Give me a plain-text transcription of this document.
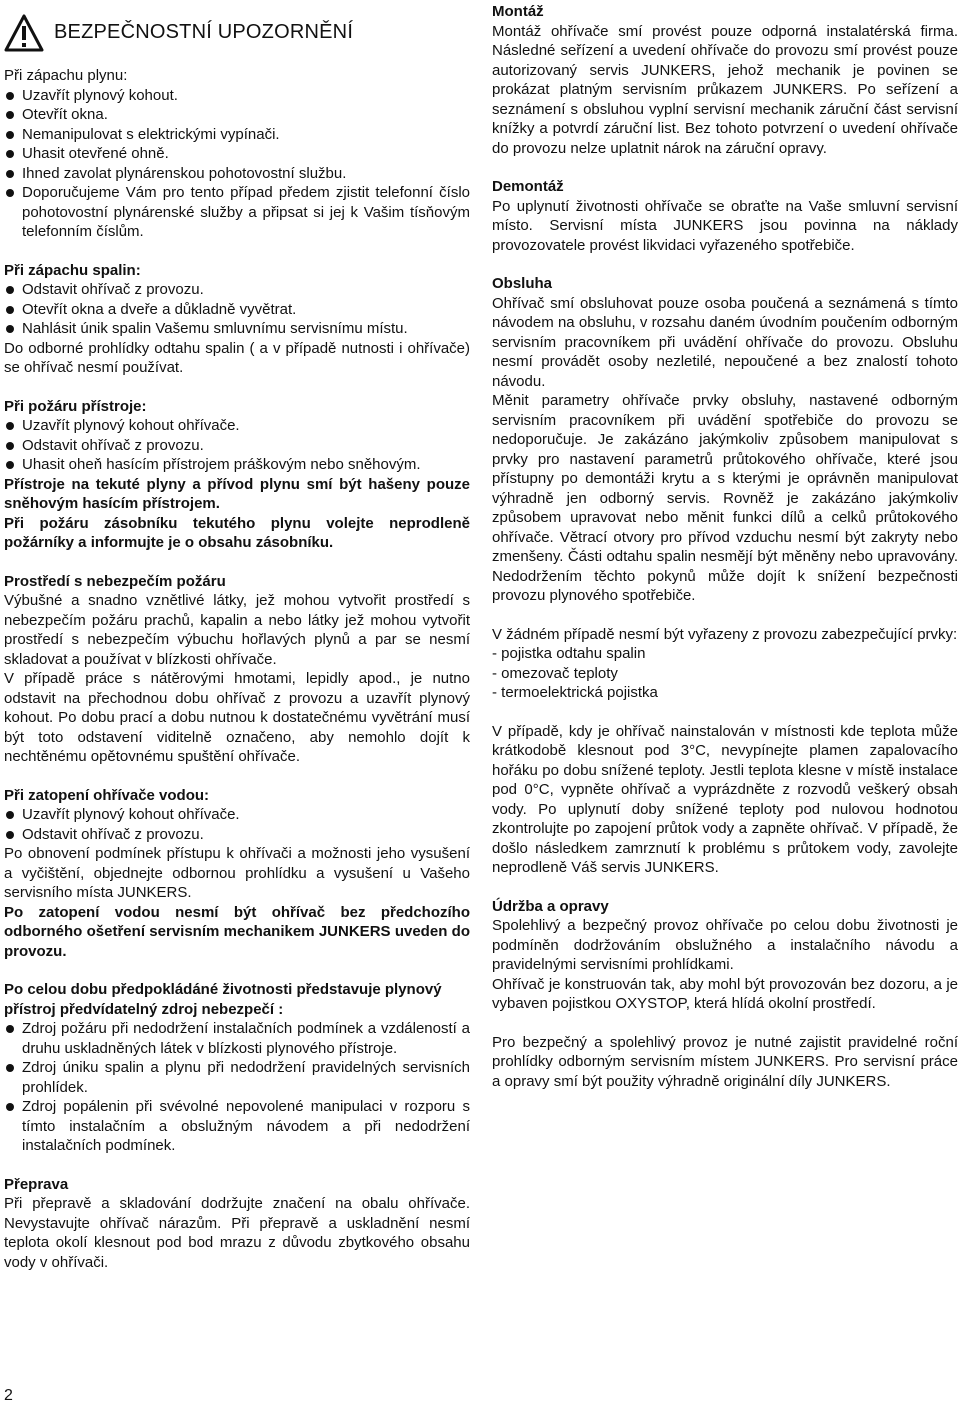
BEZPEČNOSTNÍ UPOZORNĚNÍ

Při zápachu plynu:

Uzavřít plynový kohout.
Otevřít okna.
Nemanipulovat s elektrickými vypínači.
Uhasit otevřené ohně.
Ihned zavolat plynárenskou pohotovostní službu.
Doporučujeme Vám pro tento případ předem zjistit telefonní číslo pohotovostní plynárenské služby a připsat si jej k Vašim tísňovým telefonním číslům.
Při zápachu spalin:
Odstavit ohřívač z provozu.
Otevřít okna a dveře a důkladně vyvětrat.
Nahlásit únik spalin Vašemu smluvnímu servisnímu místu.

Do odborné prohlídky odtahu spalin ( a v případě nutnosti i ohřívače) se ohřívač nesmí používat.

Při požáru přístroje:
Uzavřít plynový kohout ohřívače.
Odstavit ohřívač z provozu.
Uhasit oheň hasícím přístrojem práškovým nebo sněhovým.

Přístroje na tekuté plyny a přívod plynu smí být hašeny pouze sněhovým hasícím přístrojem.

Při požáru zásobníku tekutého plynu volejte neprodleně požárníky a informujte je o obsahu zásobníku.

Prostředí s nebezpečím požáru

Výbušné a snadno vznětlivé látky, jež mohou vytvořit prostředí s nebezpečím požáru prachů, kapalin a nebo látky jež mohou vytvořit prostředí s nebezpečím výbuchu hořlavých plynů a par se nesmí skladovat a používat v blízkosti ohřívače.

V případě práce s nátěrovými hmotami, lepidly apod., je nutno odstavit na přechodnou dobu ohřívač z provozu a uzavřít plynový kohout. Po dobu prací a dobu nutnou k dostatečnému vyvětrání musí být toto odstavení viditelně označeno, aby nemohlo dojít k nechtěnému opětovnému spuštění ohřívače.

Při zatopení ohřívače vodou:
Uzavřít plynový kohout ohřívače.
Odstavit ohřívač z provozu.

Po obnovení podmínek přístupu k ohřívači a možnosti jeho vysušení a vyčištění, objednejte odbornou prohlídku a vysušení u Vašeho servisního místa JUNKERS.

Po zatopení vodou nesmí být ohřívač bez předchozího odborného ošetření servisním mechanikem JUNKERS uveden do provozu.

Po celou dobu předpokládáné životnosti představuje plynový přístroj předvídatelný zdroj nebezpečí :
Zdroj požáru při nedodržení instalačních podmínek a vzdáleností a druhu uskladněných látek v blízkosti plynového přístroje.
Zdroj úniku spalin a plynu při nedodržení pravidelných servisních prohlídek.
Zdroj popálenin při svévolné nepovolené manipulaci v rozporu s tímto instalačním a obslužným návodem a při nedodržení instalačních podmínek.
Přeprava

Při přepravě a skladování dodržujte značení na obalu ohřívače. Nevystavujte ohřívač nárazům. Při přepravě a uskladnění nesmí teplota okolí klesnout pod bod mrazu z důvodu zbytkového obsahu vody v ohřívači.

Montáž

Montáž ohřívače smí provést pouze odporná instalatérská firma. Následné seřízení a uvedení ohřívače do provozu smí provést pouze autorizovaný servis JUNKERS, jehož mechanik je povinen se prokázat platným servisním průkazem JUNKERS. Po seřízení a seznámení s obsluhou vyplní servisní mechanik záruční část servisní knížky a potvrdí záruční list. Bez tohoto potvrzení o uvedení ohřívače do provozu nelze uplatnit nárok na záruční opravy.

Demontáž

Po uplynutí životnosti ohřívače se obraťte na Vaše smluvní servisní místo. Servisní místa JUNKERS jsou povinna na náklady provozovatele provést likvidaci vyřazeného spotřebiče.

Obsluha

Ohřívač smí obsluhovat pouze osoba poučená a seznámená s tímto návodem na obsluhu, v rozsahu daném úvodním poučením odborným servisním pracovníkem při uvádění ohřívače do provozu. Obsluhu nesmí provádět osoby nezletilé, nepoučené a bez znalostí tohoto návodu.

Měnit parametry ohřívače prvky obsluhy, nastavené odborným servisním pracovníkem při uvádění spotřebiče do provozu se nedoporučuje. Je zakázáno jakýmkoliv způsobem manipulovat s prvky pro nastavení parametrů průtokového ohřívače, které jsou přístupny po demontáži krytu a s kterými je oprávněn manipulovat výhradně jen odborný servis. Rovněž je zakázáno jakýmkoliv způsobem upravovat nebo měnit funkci dílů a celků průtokového ohřívače. Větrací otvory pro přívod vzduchu nesmí být zakryty nebo zmenšeny. Části odtahu spalin nesmějí být měněny nebo upravovány. Nedodržením těchto pokynů může dojít k snížení bezpečnosti provozu plynového spotřebiče.

V žádném případě nesmí být vyřazeny z provozu zabezpečující prvky:

- pojistka odtahu spalin
- omezovač teploty
- termoelektrická pojistka

V případě, kdy je ohřívač nainstalován v místnosti kde teplota může krátkodobě klesnout pod 3°C, nevypínejte plamen zapalovacího hořáku po dobu snížené teploty. Jestli teplota klesne v místě instalace pod 0°C, vypněte ohřívač a vyprázdněte z rozvodů veškerý obsah vody. Po uplynutí doby snížené teploty pod nulovou hodnotou zkontrolujte po zapojení průtok vody a zapněte ohřívač. V případě, že došlo následkem zamrznutí k problému s průtokem vody, zavolejte neprodleně Váš servis JUNKERS.

Údržba a opravy

Spolehlivý a bezpečný provoz ohřívače po celou dobu životnosti je podmíněn dodržováním obslužného a instalačního návodu a pravidelnými servisními prohlídkami.

Ohřívač je konstruován tak, aby mohl být provozován bez dozoru, a je vybaven pojistkou OXYSTOP, která hlídá okolní prostředí.

Pro bezpečný a spolehlivý provoz je nutné zajistit pravidelné roční prohlídky odborným servisním místem JUNKERS. Pro servisní práce a opravy smí být použity výhradně originální díly JUNKERS.

2
